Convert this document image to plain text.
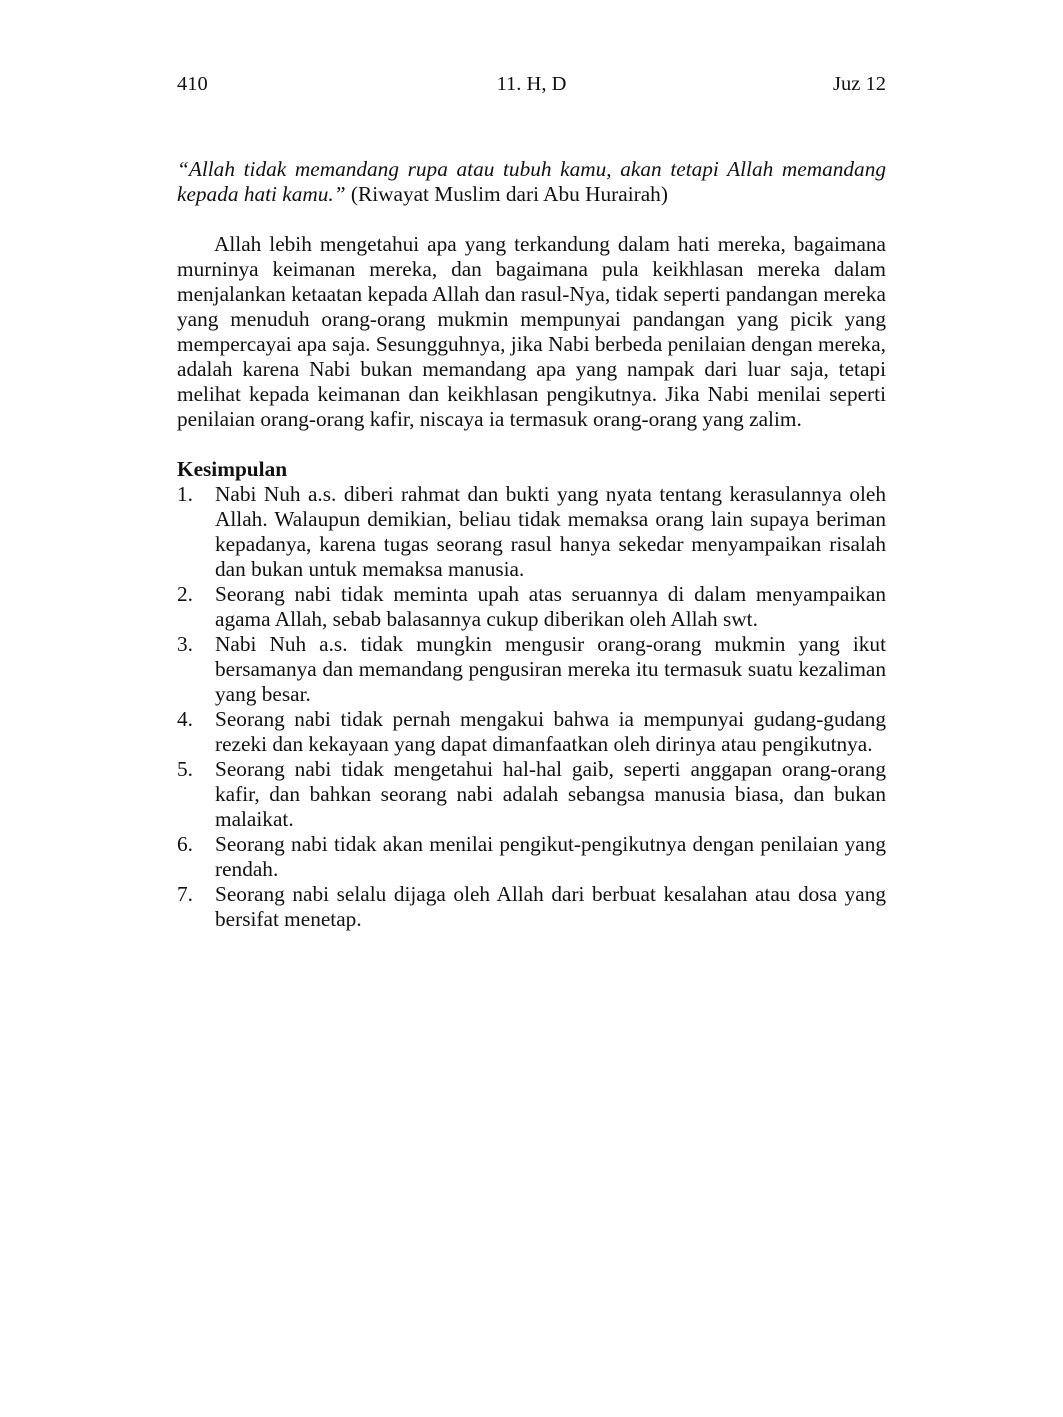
410	11. H, D	Juz 12

“Allah tidak memandang rupa atau tubuh kamu, akan tetapi Allah memandang kepada hati kamu.” (Riwayat Muslim dari Abu Hurairah)

Allah lebih mengetahui apa yang terkandung dalam hati mereka, bagaimana murninya keimanan mereka, dan bagaimana pula keikhlasan mereka dalam menjalankan ketaatan kepada Allah dan rasul-Nya, tidak seperti pandangan mereka yang menuduh orang-orang mukmin mempunyai pandangan yang picik yang mempercayai apa saja. Sesungguhnya, jika Nabi berbeda penilaian dengan mereka, adalah karena Nabi bukan memandang apa yang nampak dari luar saja, tetapi melihat kepada keimanan dan keikhlasan pengikutnya. Jika Nabi menilai seperti penilaian orang-orang kafir, niscaya ia termasuk orang-orang yang zalim.

Kesimpulan

1. Nabi Nuh a.s. diberi rahmat dan bukti yang nyata tentang kerasulannya oleh Allah. Walaupun demikian, beliau tidak memaksa orang lain supaya beriman kepadanya, karena tugas seorang rasul hanya sekedar menyampaikan risalah dan bukan untuk memaksa manusia.
2. Seorang nabi tidak meminta upah atas seruannya di dalam menyampaikan agama Allah, sebab balasannya cukup diberikan oleh Allah swt.
3. Nabi Nuh a.s. tidak mungkin mengusir orang-orang mukmin yang ikut bersamanya dan memandang pengusiran mereka itu termasuk suatu kezaliman yang besar.
4. Seorang nabi tidak pernah mengakui bahwa ia mempunyai gudang-gudang rezeki dan kekayaan yang dapat dimanfaatkan oleh dirinya atau pengikutnya.
5. Seorang nabi tidak mengetahui hal-hal gaib, seperti anggapan orang-orang kafir, dan bahkan seorang nabi adalah sebangsa manusia biasa, dan bukan malaikat.
6. Seorang nabi tidak akan menilai pengikut-pengikutnya dengan penilaian yang rendah.
7. Seorang nabi selalu dijaga oleh Allah dari berbuat kesalahan atau dosa yang bersifat menetap.
